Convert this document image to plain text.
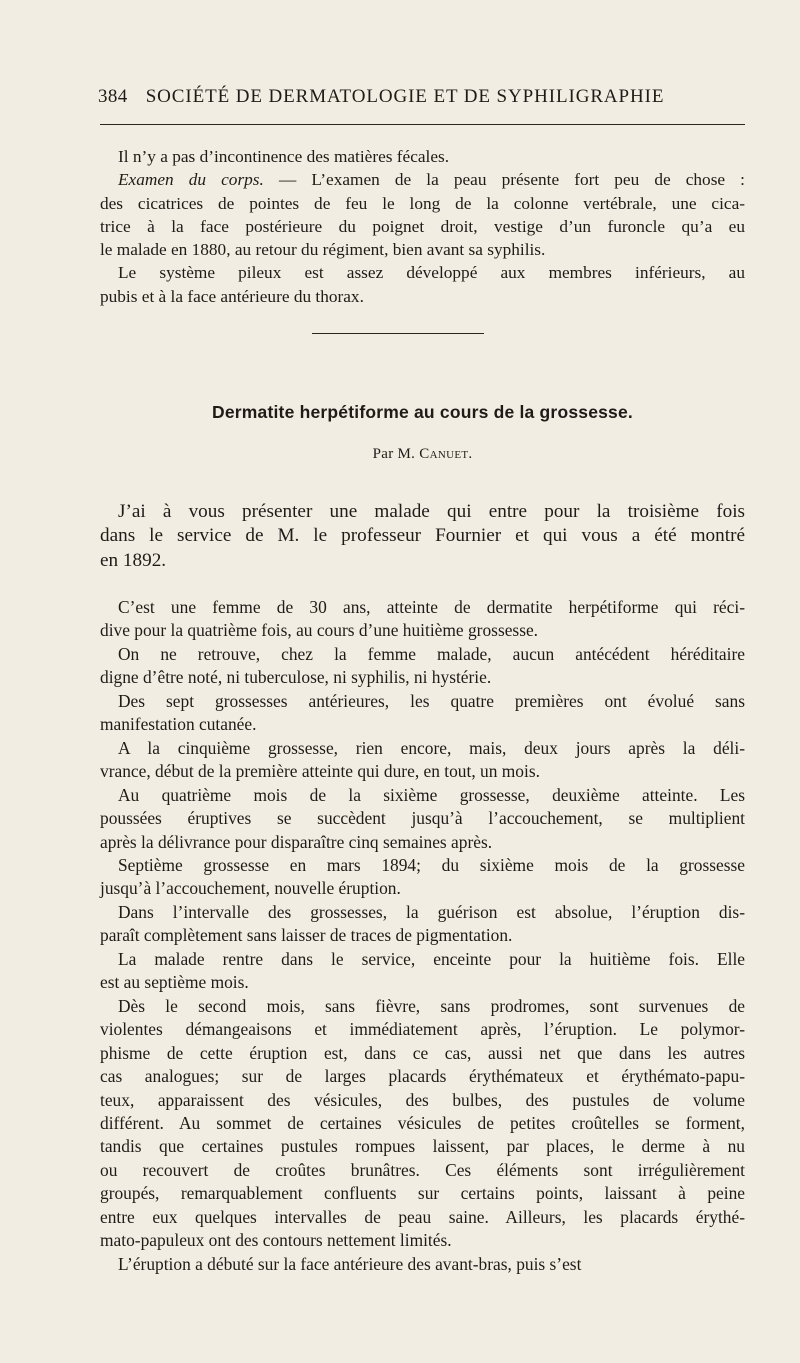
384 SOCIÉTÉ DE DERMATOLOGIE ET DE SYPHILIGRAPHIE

Il n’y a pas d’incontinence des matières fécales.

Examen du corps. — L’examen de la peau présente fort peu de chose :

des cicatrices de pointes de feu le long de la colonne vertébrale, une cica-

trice à la face postérieure du poignet droit, vestige d’un furoncle qu’a eu

le malade en 1880, au retour du régiment, bien avant sa syphilis.

Le système pileux est assez développé aux membres inférieurs, au

pubis et à la face antérieure du thorax.

Dermatite herpétiforme au cours de la grossesse.
Par M. Canuet.

J’ai à vous présenter une malade qui entre pour la troisième fois

dans le service de M. le professeur Fournier et qui vous a été montré

en 1892.

C’est une femme de 30 ans, atteinte de dermatite herpétiforme qui réci-

dive pour la quatrième fois, au cours d’une huitième grossesse.

On ne retrouve, chez la femme malade, aucun antécédent héréditaire

digne d’être noté, ni tuberculose, ni syphilis, ni hystérie.

Des sept grossesses antérieures, les quatre premières ont évolué sans

manifestation cutanée.

A la cinquième grossesse, rien encore, mais, deux jours après la déli-

vrance, début de la première atteinte qui dure, en tout, un mois.

Au quatrième mois de la sixième grossesse, deuxième atteinte. Les

poussées éruptives se succèdent jusqu’à l’accouchement, se multiplient

après la délivrance pour disparaître cinq semaines après.

Septième grossesse en mars 1894; du sixième mois de la grossesse

jusqu’à l’accouchement, nouvelle éruption.

Dans l’intervalle des grossesses, la guérison est absolue, l’éruption dis-

paraît complètement sans laisser de traces de pigmentation.

La malade rentre dans le service, enceinte pour la huitième fois. Elle

est au septième mois.

Dès le second mois, sans fièvre, sans prodromes, sont survenues de

violentes démangeaisons et immédiatement après, l’éruption. Le polymor-

phisme de cette éruption est, dans ce cas, aussi net que dans les autres

cas analogues; sur de larges placards érythémateux et érythémato-papu-

teux, apparaissent des vésicules, des bulbes, des pustules de volume

différent. Au sommet de certaines vésicules de petites croûtelles se forment,

tandis que certaines pustules rompues laissent, par places, le derme à nu

ou recouvert de croûtes brunâtres. Ces éléments sont irrégulièrement

groupés, remarquablement confluents sur certains points, laissant à peine

entre eux quelques intervalles de peau saine. Ailleurs, les placards érythé-

mato-papuleux ont des contours nettement limités.

L’éruption a débuté sur la face antérieure des avant-bras, puis s’est
